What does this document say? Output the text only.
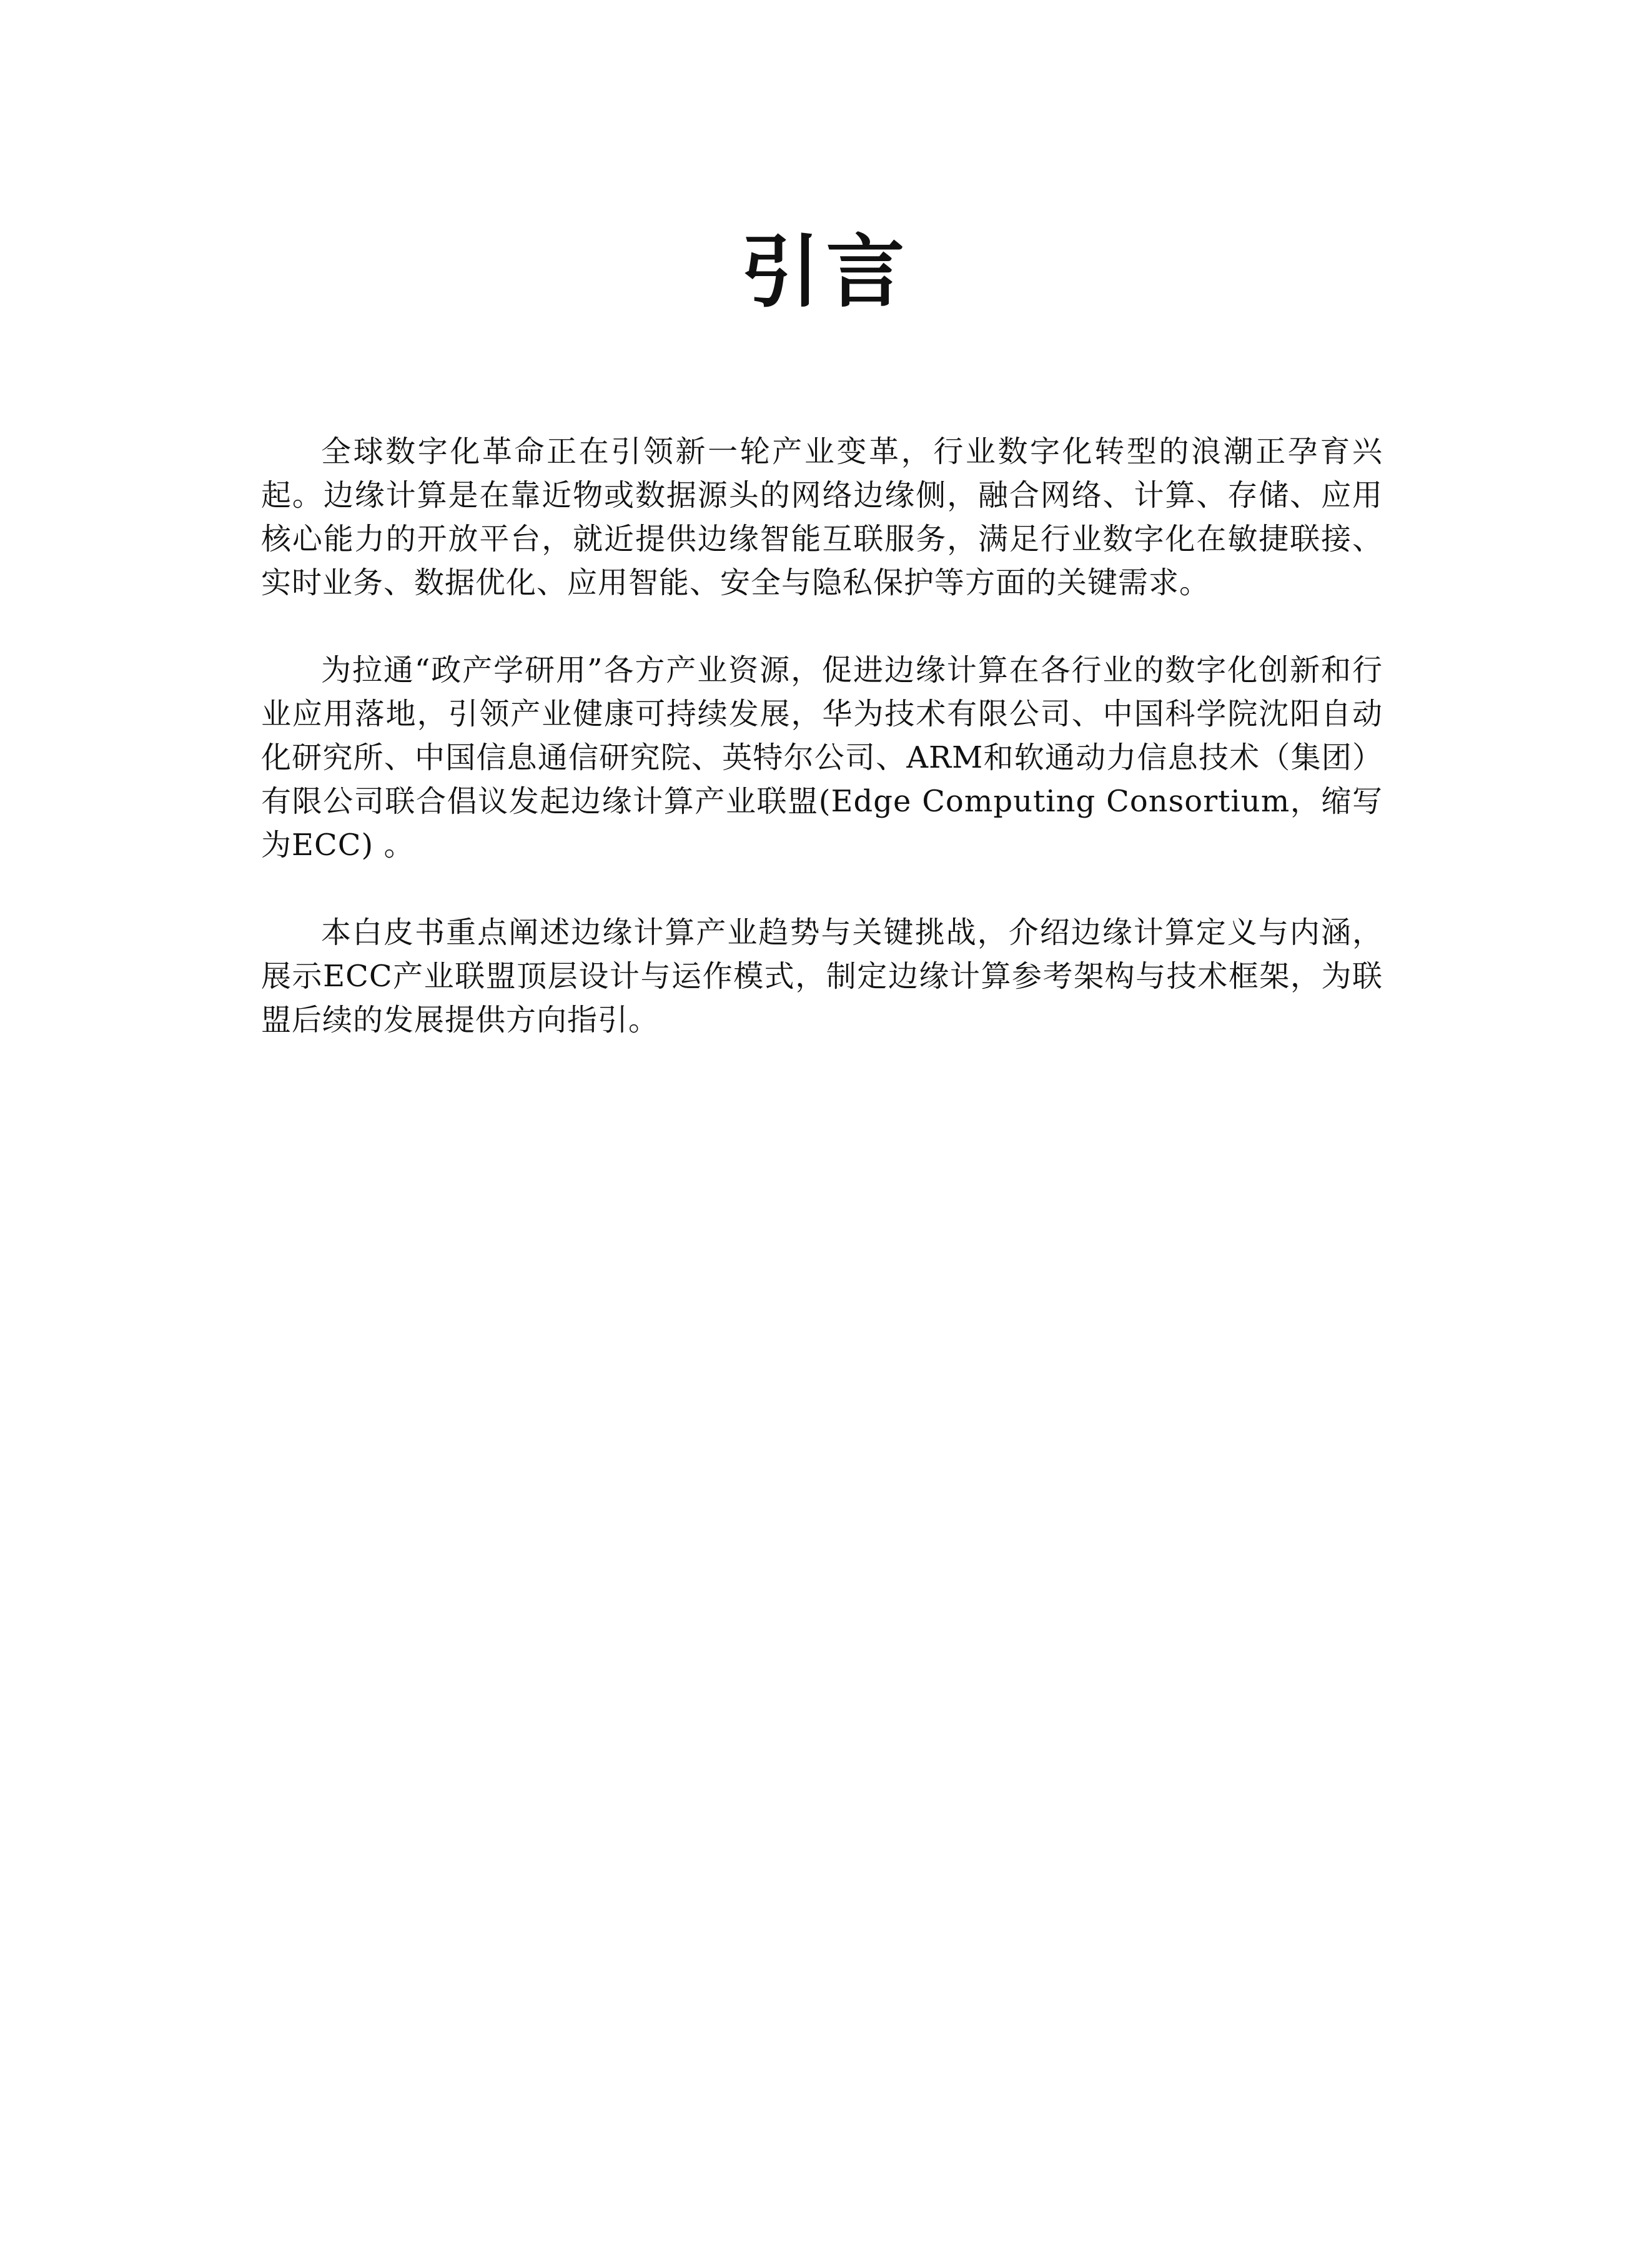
引言

全球数字化革命正在引领新一轮产业变革，行业数字化转型的浪潮正孕育兴起。边缘计算是在靠近物或数据源头的网络边缘侧，融合网络、计算、存储、应用核心能力的开放平台，就近提供边缘智能互联服务，满足行业数字化在敏捷联接、实时业务、数据优化、应用智能、安全与隐私保护等方面的关键需求。

为拉通“政产学研用”各方产业资源，促进边缘计算在各行业的数字化创新和行业应用落地，引领产业健康可持续发展，华为技术有限公司、中国科学院沈阳自动化研究所、中国信息通信研究院、英特尔公司、ARM和软通动力信息技术（集团）有限公司联合倡议发起边缘计算产业联盟(Edge Computing Consortium，缩写为ECC) 。

本白皮书重点阐述边缘计算产业趋势与关键挑战，介绍边缘计算定义与内涵，展示ECC产业联盟顶层设计与运作模式，制定边缘计算参考架构与技术框架，为联盟后续的发展提供方向指引。
